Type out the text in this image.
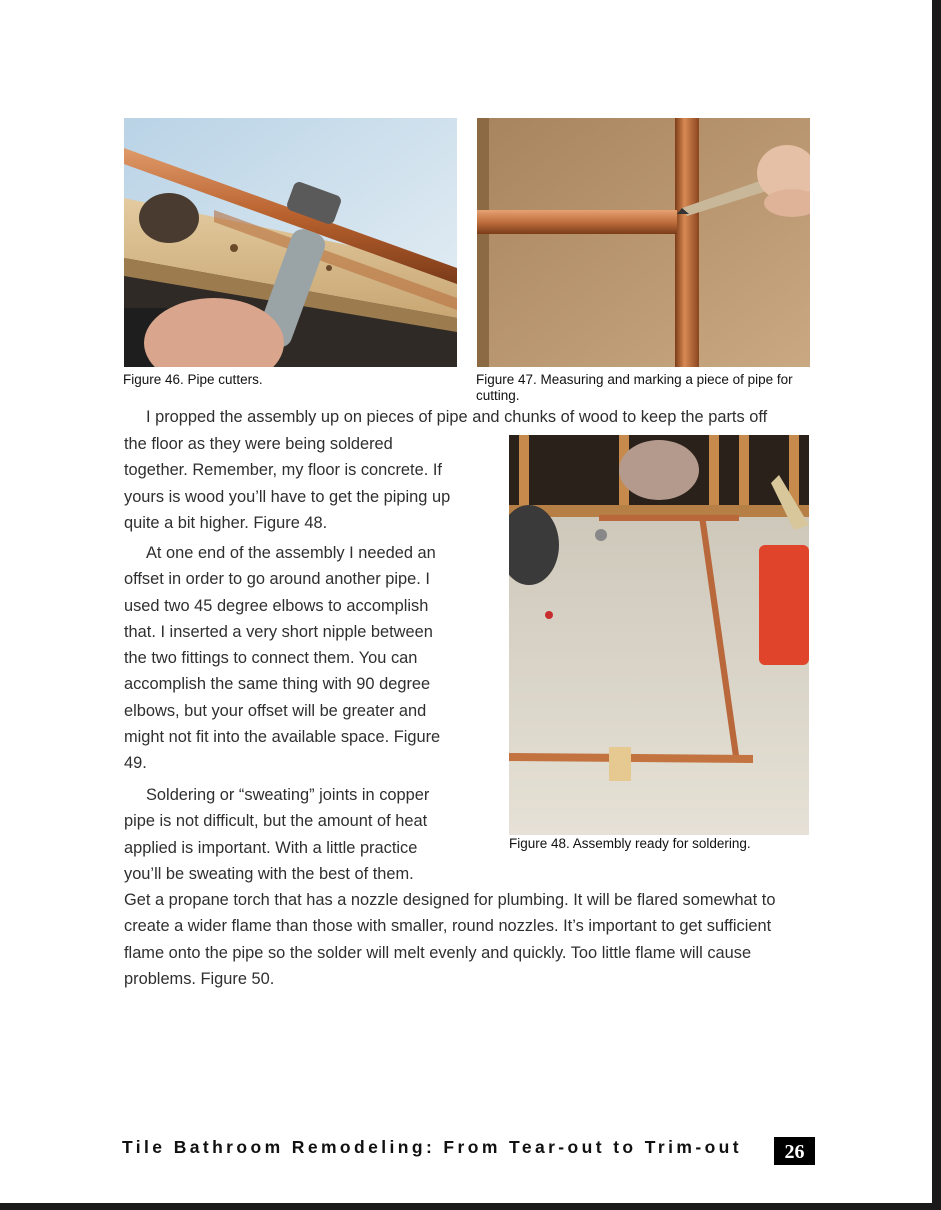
Figure 46. Pipe cutters.	Figure 47. Measuring and marking a piece of pipe for cutting.

I propped the assembly up on pieces of pipe and chunks of wood to keep the parts off

the floor as they were being soldered together. Remember, my floor is concrete. If yours is wood you’ll have to get the piping up quite a bit higher. Figure 48.

At one end of the assembly I needed an offset in order to go around another pipe. I used two 45 degree elbows to accomplish that. I inserted a very short nipple between the two fittings to connect them. You can accomplish the same thing with 90 degree elbows, but your offset will be greater and might not fit into the available space. Figure 49.

Soldering or “sweating” joints in copper pipe is not difficult, but the amount of heat applied is important. With a little practice you’ll be sweating with the best of them.

Get a propane torch that has a nozzle designed for plumbing. It will be flared somewhat to create a wider flame than those with smaller, round nozzles. It’s important to get sufficient flame onto the pipe so the solder will melt evenly and quickly. Too little flame will cause problems. Figure 50.

Figure 48. Assembly ready for soldering.
Tile Bathroom Remodeling: From Tear-out to Trim-out	26
